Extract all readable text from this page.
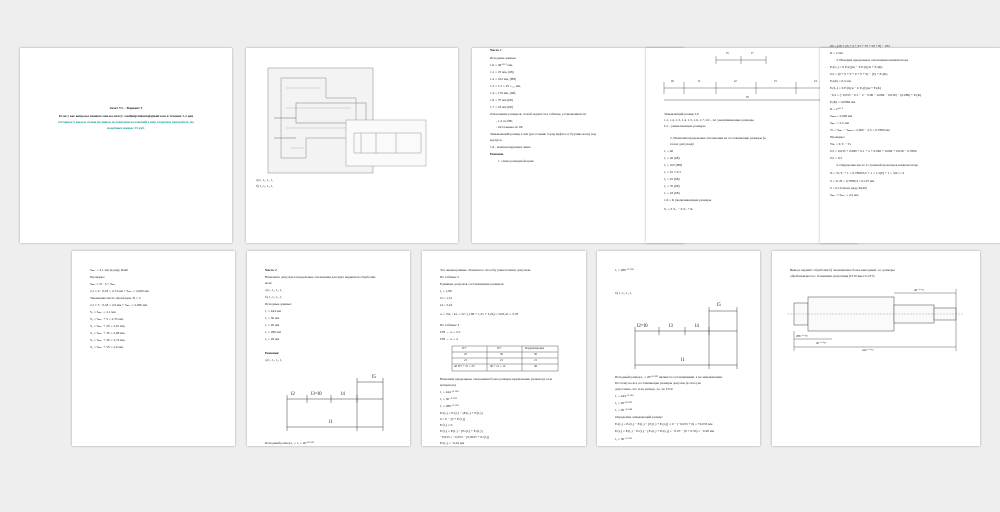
Зачет УС - Вариант 5
Если у вас вопросы пишите мне на почту: studhelp.bakmn@gmail.com в течение 1-2 дня
Оставьте 5 звезд и отзыв на поиск за ответами и отмечайте еще отсрочки при работе, на
подобных попрос 25 руб.
а) l₁, l₂, l₃, l₄
б) l₁, l₂, l₃, l₄
Часть 1
Исходные данные
1.0 = 46⁺⁰·⁵ мм,
1.1 = 25 мм, (h8)
1.2 = 102 мм, (H8)
1.3 = 1.5 = 25 ₊₀,₃ мм,
1.4 = 176 мм, (h8)
1.6 = 70 мм (h8)
1.7 = 18 мм (h8)
Отклонение размеров, полей задаются в таблице, устанавливается
- 1.2 по Н8;
- Остальные по h8
Замыкающий размер Lзам (расстояние торца муфты от буртика вала) под
корпусе.
1.6 - компенсирующее звено
Решение
1. схема размерной цепи
l5	l7
l6	l1	l2	l3	l4
l0
Замыкающий размер L0
1.1, 1.2, 1.3, 1.4, 1.5, 1.6, 1.7, L0 – A1 увеличивающие размеры
L2 – уменьшающие размеры
2. Назначим предельные отклонения на составляющие размеры (в
тонах допусков):
l₁ = 46
l₂ = 26 (h8)
l₃ = 102 (H8)
l₄ = 25 ± 0.5
l₅ = 25 (h8)
l₆ = 70 (h8)
l₇ = 18 (h8)
1.6 = К увеличивающие размеры
Sₐ = Σ Sₐₑ − Σ Sₐᵢ + К
90 = (26 + 25 + 2 + 25 + 70 + 50 + 8) − 252
К = 2 мм
3. Находим предельные отклонения компенсатора
Eₛ(Lₐ) = Σ Eₛ(l)ув − Σ Eᵢ(l)ум + Eₛ(К)
0,5 = (0 + 0 + 0 + 0 + 0 + 0) − (0) + Eₛ(К)
Eₛ(К) = 0,5 мм
Eᵢ(Lₐ) = Σ Eᵢ(l)ув − Σ Eₛ(l)ум + Eᵢ(К)
−0,2 = (−0,033 − 0,1 − 2 − 0,06 − 0,084 − 0,039) − (0,089) + Eᵢ(К)
Eᵢ(К) = 0,0066 мм
К = 2⁺⁰·⁵
Sₘᵢₙ = 2,000 мм
Sₘₐₓ = 2,5 мм
Tₖ = Sₘₐₓ − Sₘᵢₙ = 2,000 − 2,5 = 0,7806 мм
Проверка:
TAₐ = Σ Tᵢ − Tₖ
0,5 = 0,033 + 0,089 + 0,1 + 2 + 0,082 + 0,084 + 0,039 − 0,7806
0,5 = 0,5
4. Определим число n ступеней прокладок компенсатора
N = Tₖ/Tₐ + 1 = 0,7806/0,5 + 1 = 1,5(6) + 1 = 3,61 ≈ 4
S = Tₖ/N = 0,7806/4 = 0,197 мм
S = 0,19 мм (в ряду Ra40)
Sₘₐₓ ≤ Sₘₐₓ = 2,5 мм
Sₘₐₓ = 2,1 мм (в ряду Ra40
Проверка:
Sₘₐₓ ≥ N · S > Sₘₐₓ
2,1 ≥ 4 · 0,18 = 2,74 мм > Sₘₐₓ = 2,000 мм
Уменьшим число прокладок: N = 3
2,1 ≥ 3 · 0,18 = 2,9 мм > Sₘₐₓ = 2,000 мм
S₁ = Sₘₐₓ = 2,1 мм
S₂ = Sₘₐₓ + S = 2,35 мм,
S₃ = Sₘₐₓ + 2S = 2,61 мм,
S₄ = Sₘₐₓ + 3S = 2,98 мм,
S₅ = Sₘₐₓ + 4S = 2,74 мм,
S₆ = Sₘₐₓ + 5S = 2,9 мм.
Часть 2
Назначить допуски и предельные отклонения для двух вариантов обработки
вала:
а) l₁, l₂, l₃, l₄
б) l₁, l₂, l₃, l₄
Исходные данные:
l₁ = 444 мм
l₂ = 50 мм
l₃ = 20 мм
l₄ = 286 мм
l₅ = 29 мм
Решение:
а) l₁, l₂, l₃, l₄
l5
l2	l3=l0	l4
l1
Исходный размер l₀ = l₃ = 20⁺⁰·⁰⁵²
Это звенья равные. Решаем по способу равноточных допусков.
По таблице 2
Единицы допусков составляющих размеров
i₂ = 1,86
i3 = 1,31
i4 = 3,24
aₐ = TAₐ / Σiₐ = 52 / (1,86 + 1,31 + 3,24) = 52/6,41 = 3,78
По таблице 3
IT8 → aₐ = 2,5
IT8 → aₐ = 4
IT7	IT7	Корректировка
25	30	30
21	21	21
46 IT7 + 21 = 25	46 + 21 = 14	46
Назначим предельные отклонения более размеры вразначение укажем (в тела
материала)
l₁ = 444⁻⁰·⁰⁶³
l₂ = 50⁻⁰·⁰²⁵
l₄ = 286⁻⁰·⁰⁵²
Eₛ(l₀) = Eₛ(l₁) − [Eᵢ(l₂) + Eᵢ(l₄)]
0 = 0 − [0 + Eᵢ(l₄)]
Eᵢ(l₄) = 0
Eᵢ(l₀) = Eᵢ(l₁) − [Eₛ(l₂) + Eₛ(l₄)]
−0,033 = −0,053 − [0,0025 + Eₛ(l₄)]
Eₛ(l₄) = −0,02 мм
l₄ = 286⁻⁰·⁰³⁹
б) l₁, l₂, l₃, l₄
l5
l2=l0	l3	l4
l1
Исходный размер l₀ = 20⁺⁰·⁰⁵² является составляющим, а не замыкающим.
Поэтому на все составляющие размеры допуски (в тело) не
допустимо, что и на размер, т.е. по IT10
l₁ = 444⁻⁰·⁰⁶³
l₂ = 20⁺⁰·⁰⁵²
l₄ = 26⁻⁰·⁰⁸⁴
Определим замыкающий размер:
Eₛ(l₃) = Eₛ(l₁) − Eᵢ(l₂) − [Eᵢ(l₄) + Eᵢ(l₅)] = 0 − (−0,053 + 0) = +0,033 мм
Eᵢ(l₃) = Eᵢ(l₁) − Eₛ(l₂) − [Eₛ(l₄) + Eₛ(l₅)] = −0,25 − (0 + 0,33) = −0,48 мм
l₃ = 30⁻⁰·⁰¹⁶
Вывод: вариант обработки б) экономичнее более выгодный, т.е. размеры
обрабатываются с большими допусками (IT10 вместо IT7).
286⁻⁰·⁰⁸⁴
46⁻⁰·⁰⁵²
20⁻⁰·⁰³⁹
444⁻⁰·⁰⁶³
